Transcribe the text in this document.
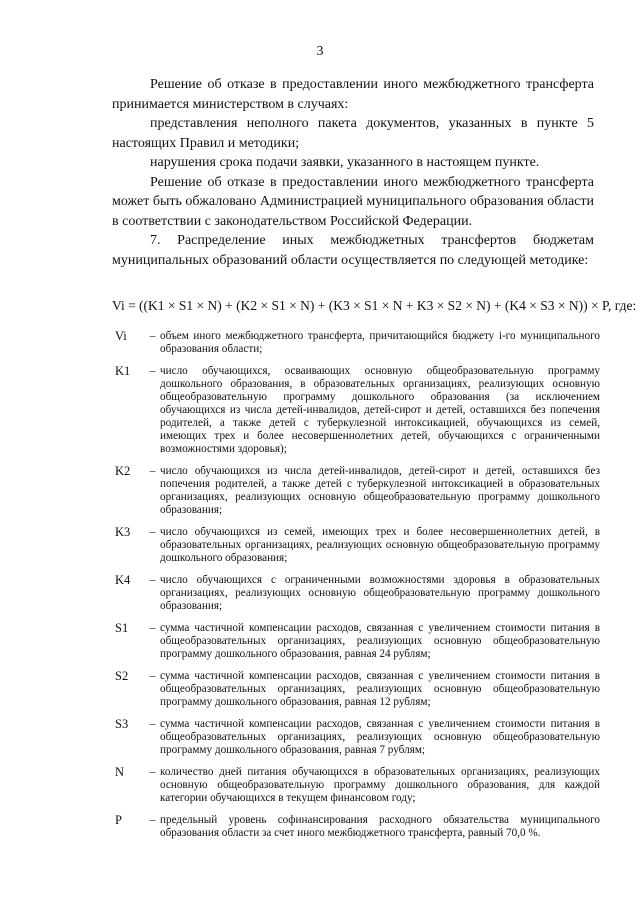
3

Решение об отказе в предоставлении иного межбюджетного трансферта принимается министерством в случаях:

представления неполного пакета документов, указанных в пункте 5 настоящих Правил и методики;

нарушения срока подачи заявки, указанного в настоящем пункте.

Решение об отказе в предоставлении иного межбюджетного трансферта может быть обжаловано Администрацией муниципального образования области в соответствии с законодательством Российской Федерации.

7. Распределение иных межбюджетных трансфертов бюджетам муниципальных образований области осуществляется по следующей методике:

Vi = ((K1 × S1 × N) + (K2 × S1 × N) + (K3 × S1 × N + K3 × S2 × N) + (K4 × S3 × N)) × P, где:
Vi	– объем иного межбюджетного трансферта, причитающийся бюджету i-го муниципального образования области;
K1	– число обучающихся, осваивающих основную общеобразовательную программу дошкольного образования, в образовательных организациях, реализующих основную общеобразовательную программу дошкольного образования (за исключением обучающихся из числа детей-инвалидов, детей-сирот и детей, оставшихся без попечения родителей, а также детей с туберкулезной интоксикацией, обучающихся из семей, имеющих трех и более несовершеннолетних детей, обучающихся с ограниченными возможностями здоровья);
K2	– число обучающихся из числа детей-инвалидов, детей-сирот и детей, оставшихся без попечения родителей, а также детей с туберкулезной интоксикацией в образовательных организациях, реализующих основную общеобразовательную программу дошкольного образования;
K3	– число обучающихся из семей, имеющих трех и более несовершеннолетних детей, в образовательных организациях, реализующих основную общеобразовательную программу дошкольного образования;
K4	– число обучающихся с ограниченными возможностями здоровья в образовательных организациях, реализующих основную общеобразовательную программу дошкольного образования;
S1	– сумма частичной компенсации расходов, связанная с увеличением стоимости питания в общеобразовательных организациях, реализующих основную общеобразовательную программу дошкольного образования, равная 24 рублям;
S2	– сумма частичной компенсации расходов, связанная с увеличением стоимости питания в общеобразовательных организациях, реализующих основную общеобразовательную программу дошкольного образования, равная 12 рублям;
S3	– сумма частичной компенсации расходов, связанная с увеличением стоимости питания в общеобразовательных организациях, реализующих основную общеобразовательную программу дошкольного образования, равная 7 рублям;
N	– количество дней питания обучающихся в образовательных организациях, реализующих основную общеобразовательную программу дошкольного образования, для каждой категории обучающихся в текущем финансовом году;
P	– предельный уровень софинансирования расходного обязательства муниципального образования области за счет иного межбюджетного трансферта, равный 70,0 %.
